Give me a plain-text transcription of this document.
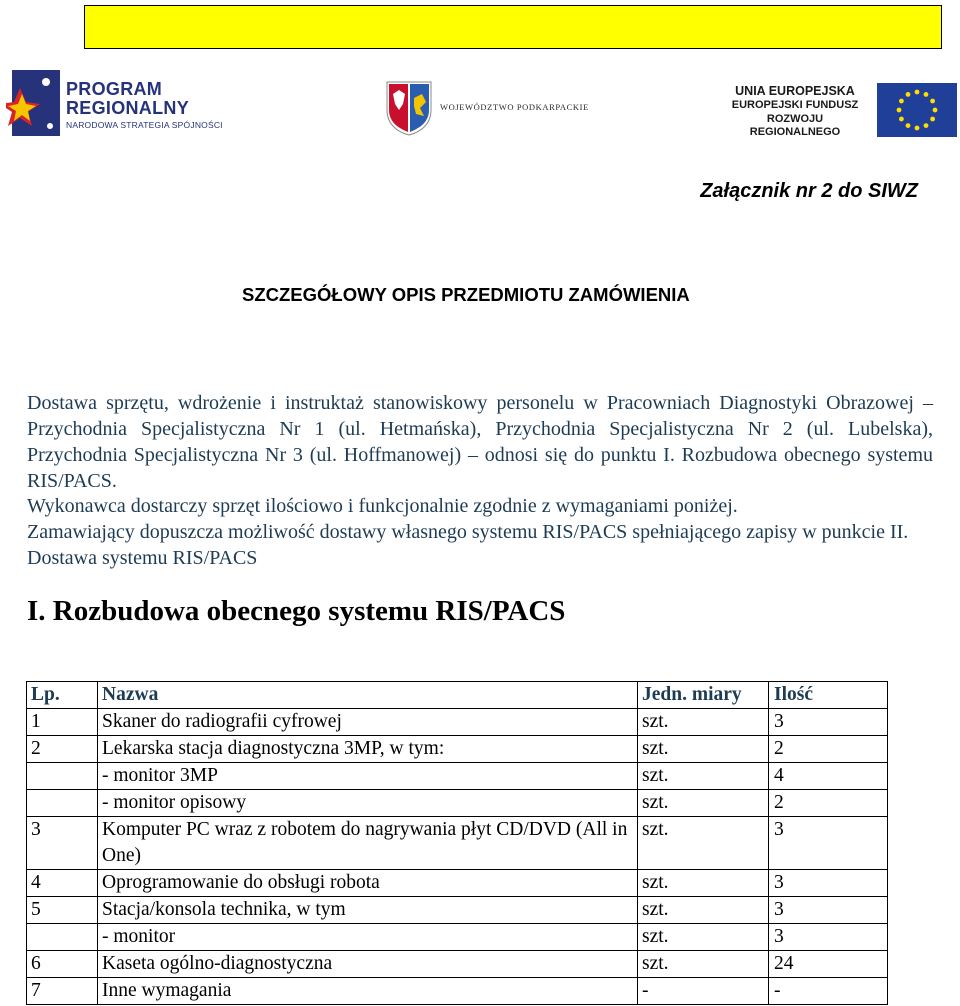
PROGRAM
REGIONALNY
NARODOWA STRATEGIA SPÓJNOŚCI
WOJEWÓDZTWO PODKARPACKIE
UNIA EUROPEJSKA
EUROPEJSKI FUNDUSZ
ROZWOJU REGIONALNEGO
Załącznik nr 2 do SIWZ
SZCZEGÓŁOWY OPIS PRZEDMIOTU ZAMÓWIENIA

Dostawa sprzętu, wdrożenie i instruktaż stanowiskowy personelu w Pracowniach Diagnostyki Obrazowej – Przychodnia Specjalistyczna Nr 1 (ul. Hetmańska), Przychodnia Specjalistyczna Nr 2 (ul. Lubelska), Przychodnia Specjalistyczna Nr 3 (ul. Hoffmanowej) – odnosi się do punktu I. Rozbudowa obecnego systemu RIS/PACS.

Wykonawca dostarczy sprzęt ilościowo i funkcjonalnie zgodnie z wymaganiami poniżej.

Zamawiający dopuszcza możliwość dostawy własnego systemu RIS/PACS spełniającego zapisy w punkcie II. Dostawa systemu RIS/PACS

I. Rozbudowa obecnego systemu RIS/PACS
Lp.	Nazwa	Jedn. miary	Ilość
1	Skaner do radiografii cyfrowej	szt.	3
2	Lekarska stacja diagnostyczna 3MP, w tym:	szt.	2
	- monitor 3MP	szt.	4
	- monitor opisowy	szt.	2
3	Komputer PC wraz z robotem do nagrywania płyt CD/DVD (All in One)	szt.	3
4	Oprogramowanie do obsługi robota	szt.	3
5	Stacja/konsola technika, w tym	szt.	3
	- monitor	szt.	3
6	Kaseta ogólno-diagnostyczna	szt.	24
7	Inne wymagania	-	-
